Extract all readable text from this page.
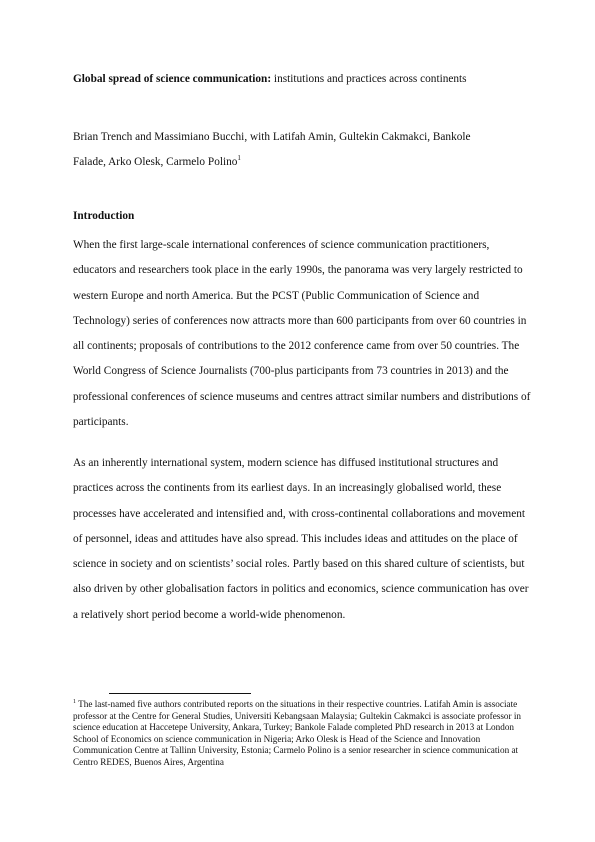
Global spread of science communication: institutions and practices across continents
Brian Trench and Massimiano Bucchi, with Latifah Amin, Gultekin Cakmakci, Bankole
Falade, Arko Olesk, Carmelo Polino$^1$
Introduction

When the first large-scale international conferences of science communication practitioners, educators and researchers took place in the early 1990s, the panorama was very largely restricted to western Europe and north America. But the PCST (Public Communication of Science and Technology) series of conferences now attracts more than 600 participants from over 60 countries in all continents; proposals of contributions to the 2012 conference came from over 50 countries. The World Congress of Science Journalists (700-plus participants from 73 countries in 2013) and the professional conferences of science museums and centres attract similar numbers and distributions of participants.

As an inherently international system, modern science has diffused institutional structures and practices across the continents from its earliest days. In an increasingly globalised world, these processes have accelerated and intensified and, with cross-continental collaborations and movement of personnel, ideas and attitudes have also spread. This includes ideas and attitudes on the place of science in society and on scientists’ social roles. Partly based on this shared culture of scientists, but also driven by other globalisation factors in politics and economics, science communication has over a relatively short period become a world-wide phenomenon.

$^1$ The last-named five authors contributed reports on the situations in their respective countries. Latifah Amin is associate professor at the Centre for General Studies, Universiti Kebangsaan Malaysia; Gultekin Cakmakci is associate professor in science education at Haccetepe University, Ankara, Turkey; Bankole Falade completed PhD research in 2013 at London School of Economics on science communication in Nigeria; Arko Olesk is Head of the Science and Innovation Communication Centre at Tallinn University, Estonia; Carmelo Polino is a senior researcher in science communication at Centro REDES, Buenos Aires, Argentina
